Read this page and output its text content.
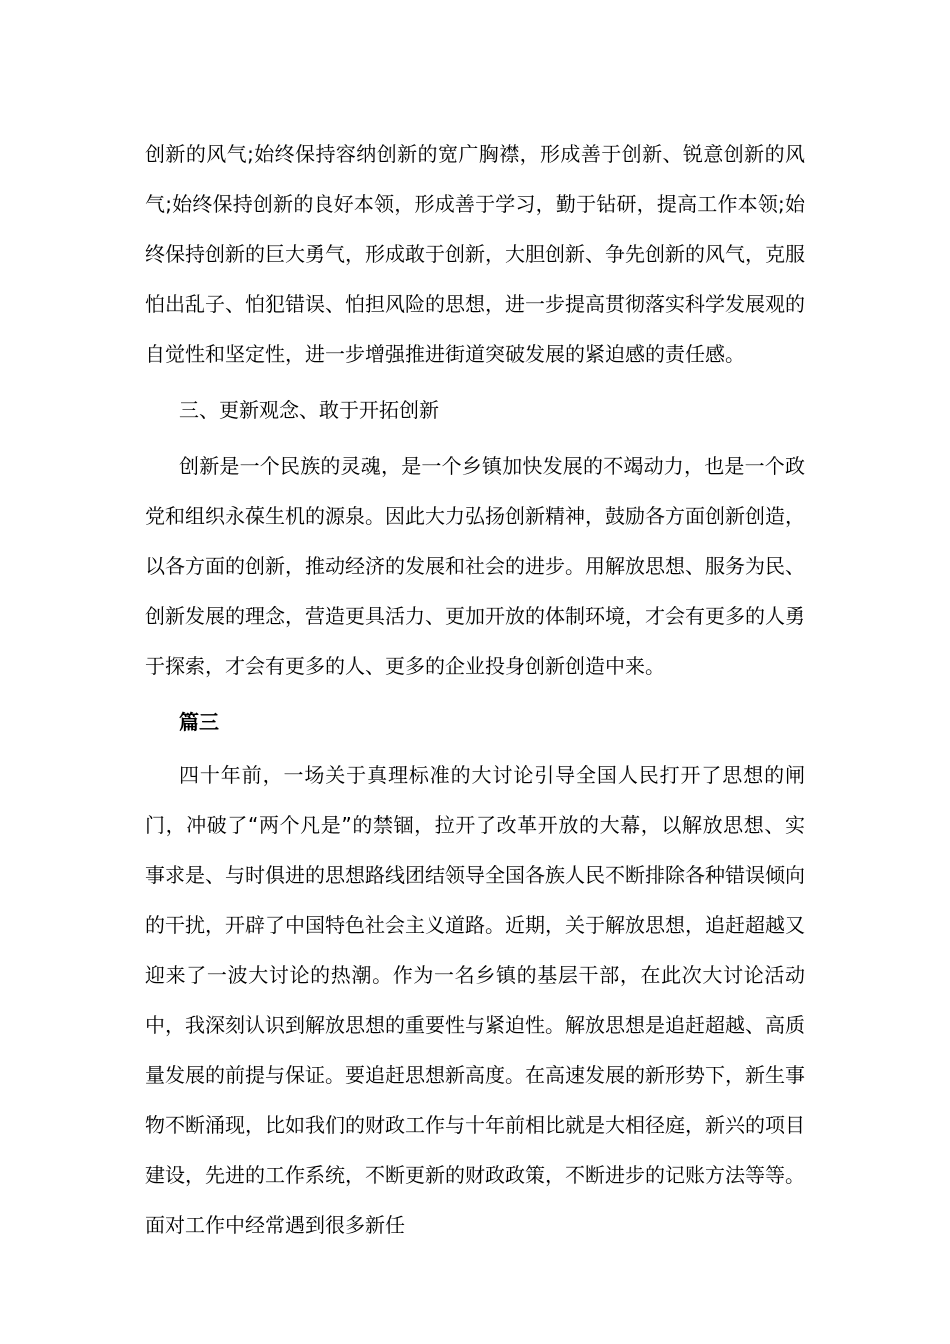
创新的风气;始终保持容纳创新的宽广胸襟，形成善于创新、锐意创新的风气;始终保持创新的良好本领，形成善于学习，勤于钻研，提高工作本领;始终保持创新的巨大勇气，形成敢于创新，大胆创新、争先创新的风气，克服怕出乱子、怕犯错误、怕担风险的思想，进一步提高贯彻落实科学发展观的自觉性和坚定性，进一步增强推进街道突破发展的紧迫感的责任感。

三、更新观念、敢于开拓创新

创新是一个民族的灵魂，是一个乡镇加快发展的不竭动力，也是一个政党和组织永葆生机的源泉。因此大力弘扬创新精神，鼓励各方面创新创造，以各方面的创新，推动经济的发展和社会的进步。用解放思想、服务为民、创新发展的理念，营造更具活力、更加开放的体制环境，才会有更多的人勇于探索，才会有更多的人、更多的企业投身创新创造中来。

篇三

四十年前，一场关于真理标准的大讨论引导全国人民打开了思想的闸门，冲破了“两个凡是”的禁锢，拉开了改革开放的大幕，以解放思想、实事求是、与时俱进的思想路线团结领导全国各族人民不断排除各种错误倾向的干扰，开辟了中国特色社会主义道路。近期，关于解放思想，追赶超越又迎来了一波大讨论的热潮。作为一名乡镇的基层干部，在此次大讨论活动中，我深刻认识到解放思想的重要性与紧迫性。解放思想是追赶超越、高质量发展的前提与保证。要追赶思想新高度。在高速发展的新形势下，新生事物不断涌现，比如我们的财政工作与十年前相比就是大相径庭，新兴的项目建设，先进的工作系统，不断更新的财政政策，不断进步的记账方法等等。面对工作中经常遇到很多新任
